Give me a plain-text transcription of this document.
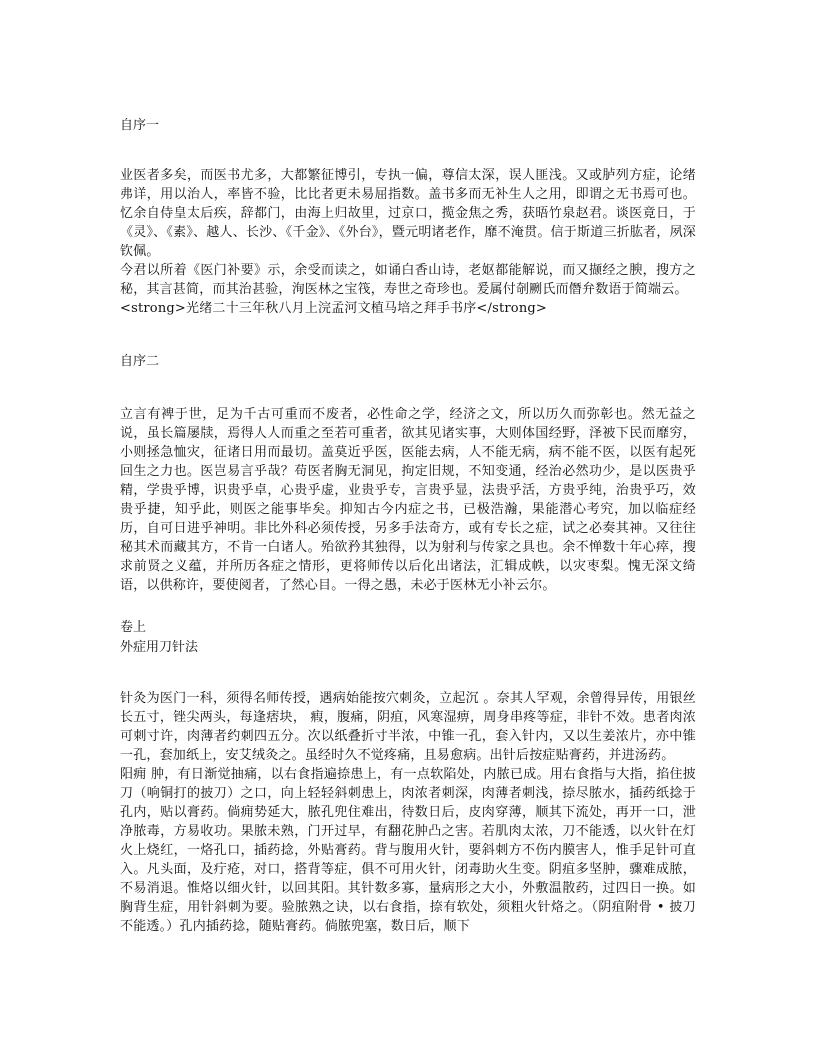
自序一

业医者多矣，而医书尤多，大都繁征博引，专执一偏，尊信太深，误人匪浅。又或胪列方症，论绪弗详，用以治人，率皆不验，比比者更未易屈指数。盖书多而无补生人之用，即谓之无书焉可也。忆余自侍皇太后疾，辞都门，由海上归故里，过京口，揽金焦之秀，获晤竹泉赵君。谈医竟日，于《灵》、《素》、越人、长沙、《千金》、《外台》，暨元明诸老作，靡不淹贯。信于斯道三折肱者，夙深钦佩。

今君以所着《医门补要》示，余受而读之，如诵白香山诗，老妪都能解说，而又撷经之腴，搜方之秘，其言甚简，而其治甚验，洵医林之宝筏，寿世之奇珍也。爰属付剞劂氏而僭弁数语于简端云。

<strong>光绪二十三年秋八月上浣孟河文植马培之拜手书序</strong>

自序二

立言有裨于世，足为千古可重而不废者，必性命之学，经济之文，所以历久而弥彰也。然无益之说，虽长篇屡牍，焉得人人而重之至若可重者，欲其见诸实事，大则体国经野，泽被下民而靡穷，小则拯急恤灾，征诸日用而最切。盖莫近乎医，医能去病，人不能无病，病不能不医，以医有起死回生之力也。医岂易言乎哉？苟医者胸无洞见，拘定旧规，不知变通，经治必然功少，是以医贵乎精，学贵乎博，识贵乎卓，心贵乎虚，业贵乎专，言贵乎显，法贵乎活，方贵乎纯，治贵乎巧，效贵乎捷，知乎此，则医之能事毕矣。抑知古今内症之书，已极浩瀚，果能潜心考究，加以临症经历，自可日进乎神明。非比外科必须传授，另多手法奇方，或有专长之症，试之必奏其神。又往往秘其术而藏其方，不肯一白诸人。殆欲矜其独得，以为射利与传家之具也。余不惮数十年心瘁，搜求前贤之义蕴，并所历各症之情形，更将师传以后化出诸法，汇辑成帙，以灾枣梨。愧无深文绮语，以供称许，要使阅者，了然心目。一得之愚，未必于医林无小补云尔。

卷上
外症用刀针法

针灸为医门一科，须得名师传授，遇病始能按穴刺灸，立起沉 。奈其人罕观，余曾得异传，用银丝长五寸，锉尖两头，每逢痞块， 瘕，腹痛，阴疽，风寒湿痹，周身串疼等症，非针不效。患者肉浓可刺寸许，肉薄者约刺四五分。次以纸叠折寸半浓，中锥一孔，套入针内，又以生姜浓片，亦中锥一孔，套加纸上，安艾绒灸之。虽经时久不觉疼痛，且易愈病。出针后按症贴膏药，并进汤药。

阳痈 肿，有日渐觉抽痛，以右食指遍捺患上，有一点软陷处，内脓已成。用右食指与大指，掐住披刀（响铜打的披刀）之口，向上轻轻斜刺患上，肉浓者刺深，肉薄者刺浅，捺尽脓水，插药纸捻于孔内，贴以膏药。倘痈势延大，脓孔兜住难出，待数日后，皮肉穿薄，顺其下流处，再开一口，泄净脓毒，方易收功。果脓未熟，门开过早，有翻花肿凸之害。若肌肉太浓，刀不能透，以火针在灯火上烧红，一烙孔口，插药捻，外贴膏药。背与腹用火针，要斜刺方不伤内膜害人，惟手足针可直入。凡头面，及疔疮，对口，搭背等症，俱不可用火针，闭毒助火生变。阴疽多坚肿，骤难成脓，不易消退。惟烙以细火针，以回其阳。其针数多寡，量病形之大小，外敷温散药，过四日一换。如胸背生症，用针斜刺为要。验脓熟之诀，以右食指，捺有软处，须粗火针烙之。（阴疽附骨 • 披刀不能透。）孔内插药捻，随贴膏药。倘脓兜塞，数日后，顺下
